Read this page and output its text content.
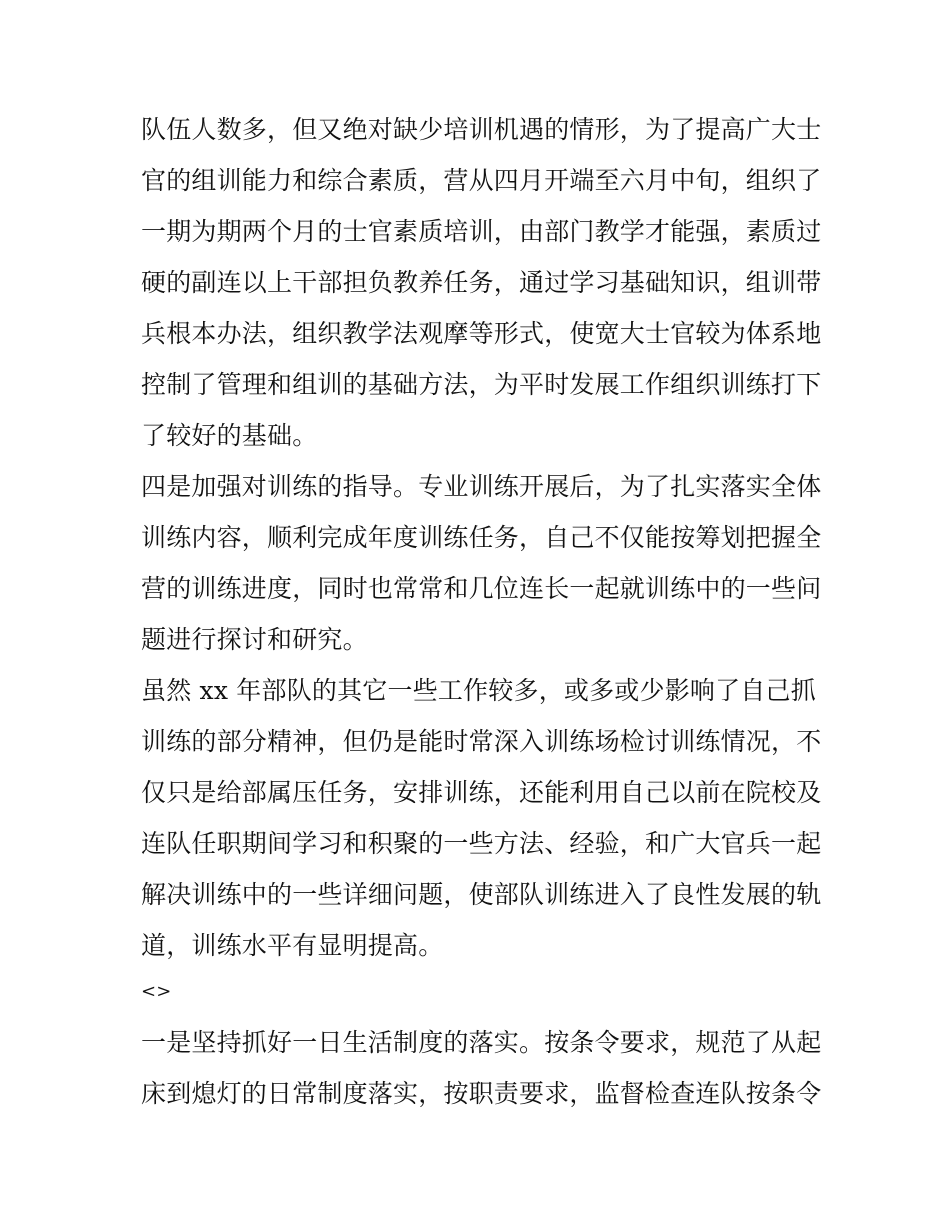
队伍人数多，但又绝对缺少培训机遇的情形，为了提高广大士
官的组训能力和综合素质，营从四月开端至六月中旬，组织了
一期为期两个月的士官素质培训，由部门教学才能强，素质过
硬的副连以上干部担负教养任务，通过学习基础知识，组训带
兵根本办法，组织教学法观摩等形式，使宽大士官较为体系地
控制了管理和组训的基础方法，为平时发展工作组织训练打下
了较好的基础。
四是加强对训练的指导。专业训练开展后，为了扎实落实全体
训练内容，顺利完成年度训练任务，自己不仅能按筹划把握全
营的训练进度，同时也常常和几位连长一起就训练中的一些问
题进行探讨和研究。
虽然 xx 年部队的其它一些工作较多，或多或少影响了自己抓
训练的部分精神，但仍是能时常深入训练场检讨训练情况，不
仅只是给部属压任务，安排训练，还能利用自己以前在院校及
连队任职期间学习和积聚的一些方法、经验，和广大官兵一起
解决训练中的一些详细问题，使部队训练进入了良性发展的轨
道，训练水平有显明提高。
<>
一是坚持抓好一日生活制度的落实。按条令要求，规范了从起
床到熄灯的日常制度落实，按职责要求，监督检查连队按条令
